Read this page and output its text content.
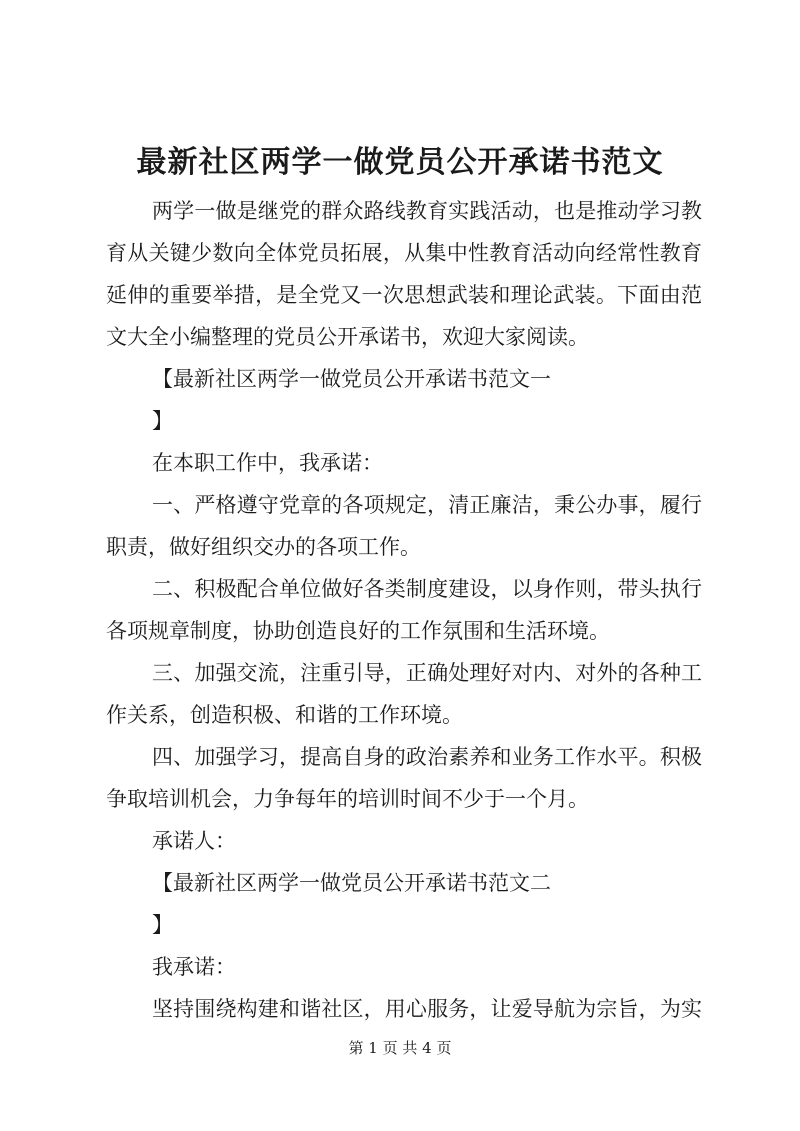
最新社区两学一做党员公开承诺书范文
两学一做是继党的群众路线教育实践活动，也是推动学习教
育从关键少数向全体党员拓展，从集中性教育活动向经常性教育
延伸的重要举措，是全党又一次思想武装和理论武装。下面由范
文大全小编整理的党员公开承诺书，欢迎大家阅读。
【最新社区两学一做党员公开承诺书范文一
】
在本职工作中，我承诺：
一、严格遵守党章的各项规定，清正廉洁，秉公办事，履行
职责，做好组织交办的各项工作。
二、积极配合单位做好各类制度建设，以身作则，带头执行
各项规章制度，协助创造良好的工作氛围和生活环境。
三、加强交流，注重引导，正确处理好对内、对外的各种工
作关系，创造积极、和谐的工作环境。
四、加强学习，提高自身的政治素养和业务工作水平。积极
争取培训机会，力争每年的培训时间不少于一个月。
承诺人：
【最新社区两学一做党员公开承诺书范文二
】
我承诺：
坚持围绕构建和谐社区，用心服务，让爱导航为宗旨，为实
第 1 页 共 4 页
